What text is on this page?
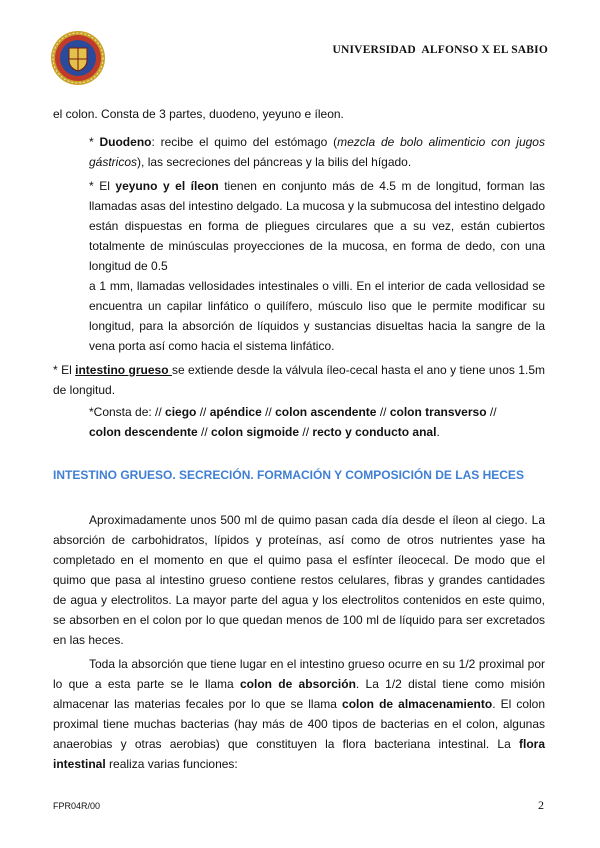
UNIVERSIDAD  ALFONSO X EL SABIO

el colon. Consta de 3 partes, duodeno, yeyuno e íleon.

* Duodeno: recibe el quimo del estómago (mezcla de bolo alimenticio con jugos gástricos), las secreciones del páncreas y la bilis del hígado.

* El yeyuno y el íleon tienen en conjunto más de 4.5 m de longitud, forman las llamadas asas del intestino delgado. La mucosa y la submucosa del intestino delgado están dispuestas en forma de pliegues circulares que a su vez, están cubiertos totalmente de minúsculas proyecciones de la mucosa, en forma de dedo, con una longitud de 0.5

a 1 mm, llamadas vellosidades intestinales o villi. En el interior de cada vellosidad se encuentra un capilar linfático o quilífero, músculo liso que le permite modificar su longitud, para la absorción de líquidos y sustancias disueltas hacia la sangre de la vena porta así como hacia el sistema linfático.

* El intestino grueso se extiende desde la válvula íleo-cecal hasta el ano y tiene unos 1.5m de longitud.

*Consta de: // ciego // apéndice // colon ascendente // colon transverso //
colon descendente // colon sigmoide // recto y conducto anal.

INTESTINO GRUESO. SECRECIÓN. FORMACIÓN Y COMPOSICIÓN DE LAS HECES

Aproximadamente unos 500 ml de quimo pasan cada día desde el íleon al ciego. La absorción de carbohidratos, lípidos y proteínas, así como de otros nutrientes yase ha completado en el momento en que el quimo pasa el esfínter íleocecal. De modo que el quimo que pasa al intestino grueso contiene restos celulares, fibras y grandes cantidades de agua y electrolitos. La mayor parte del agua y los electrolitos contenidos en este quimo, se absorben en el colon por lo que quedan menos de 100 ml de líquido para ser excretados en las heces.

Toda la absorción que tiene lugar en el intestino grueso ocurre en su 1/2 proximal por lo que a esta parte se le llama colon de absorción. La 1/2 distal tiene como misión almacenar las materias fecales por lo que se llama colon de almacenamiento. El colon proximal tiene muchas bacterias (hay más de 400 tipos de bacterias en el colon, algunas anaerobias y otras aerobias) que constituyen la flora bacteriana intestinal. La flora intestinal realiza varias funciones:

FPR04R/00	2
